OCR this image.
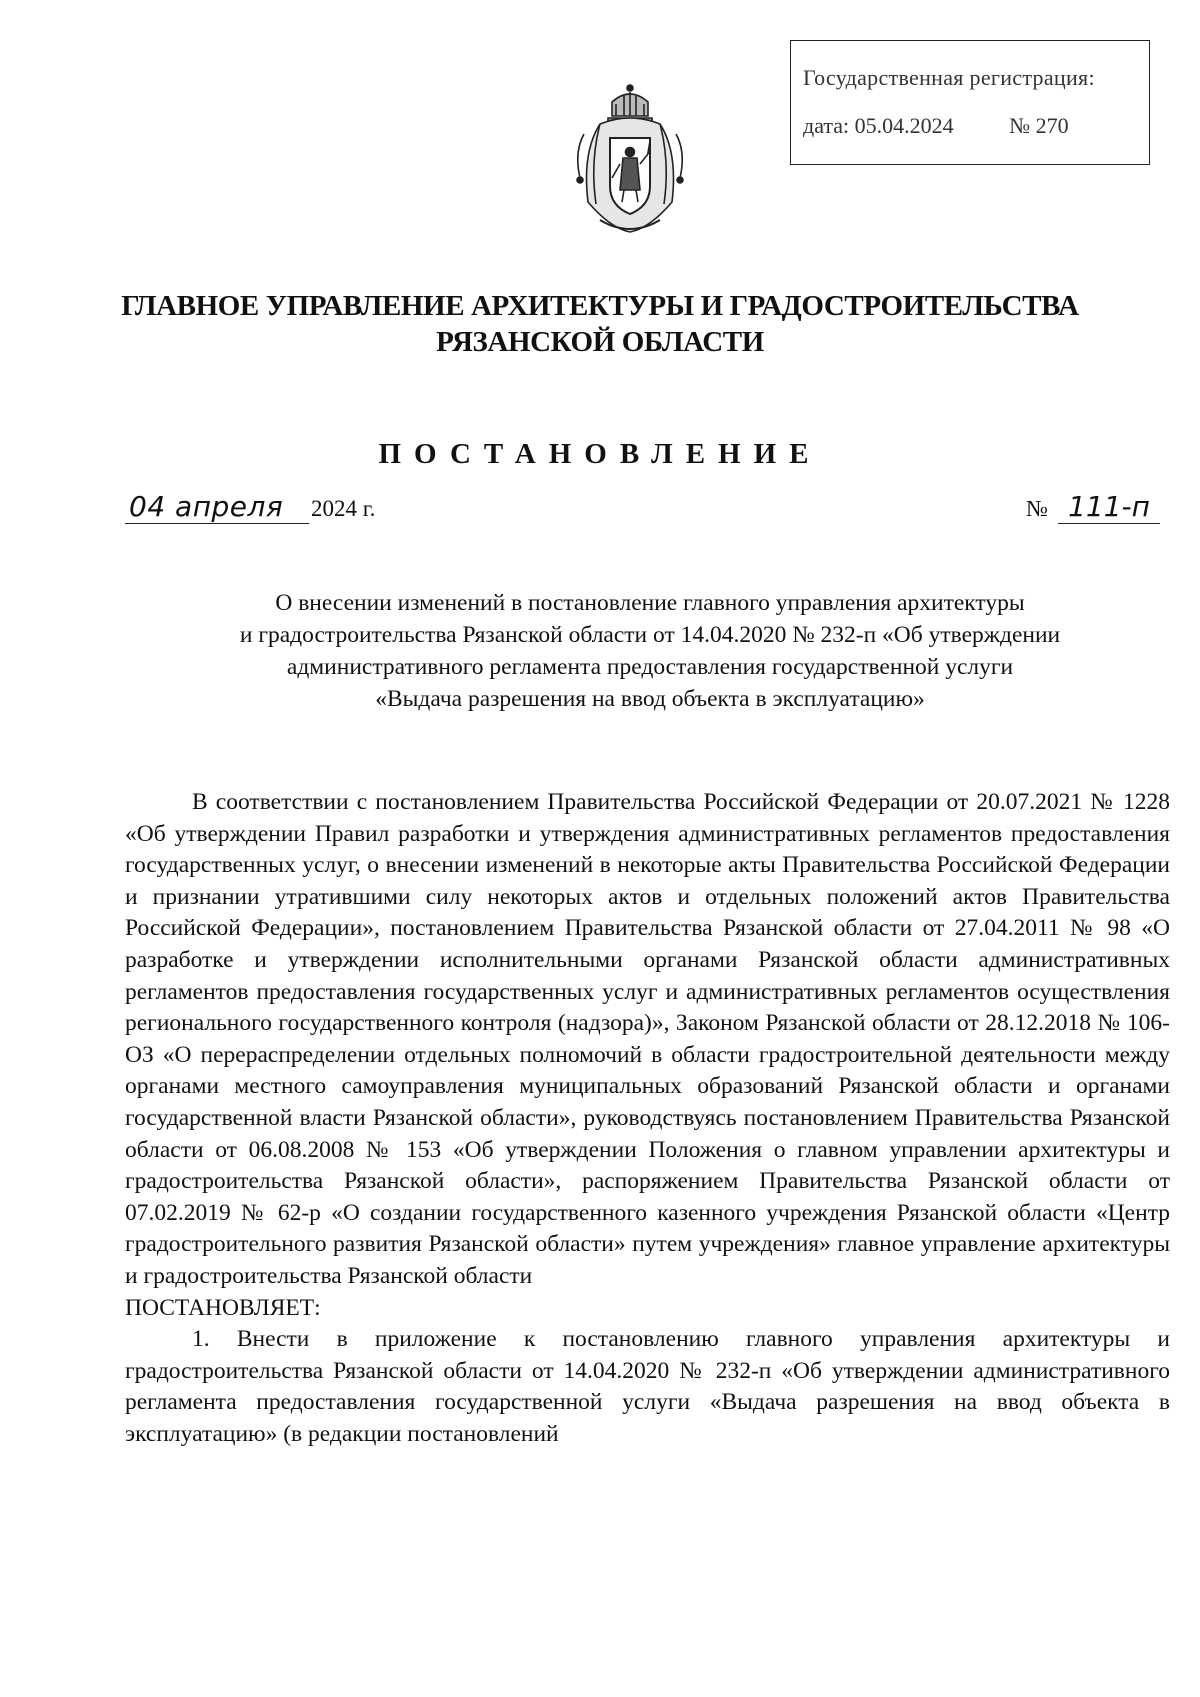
Государственная регистрация:
дата: 05.04.2024	№ 270
ГЛАВНОЕ УПРАВЛЕНИЕ АРХИТЕКТУРЫ И ГРАДОСТРОИТЕЛЬСТВА
РЯЗАНСКОЙ ОБЛАСТИ
ПОСТАНОВЛЕНИЕ
04 апреля 2024 г.	№ 111-п
О внесении изменений в постановление главного управления архитектуры
и градостроительства Рязанской области от 14.04.2020 № 232-п «Об утверждении
административного регламента предоставления государственной услуги
«Выдача разрешения на ввод объекта в эксплуатацию»

В соответствии с постановлением Правительства Российской Федерации от 20.07.2021 № 1228 «Об утверждении Правил разработки и утверждения административных регламентов предоставления государственных услуг, о внесении изменений в некоторые акты Правительства Российской Федерации и признании утратившими силу некоторых актов и отдельных положений актов Правительства Российской Федерации», постановлением Правительства Рязанской области от 27.04.2011 № 98 «О разработке и утверждении исполнительными органами Рязанской области административных регламентов предоставления государственных услуг и административных регламентов осуществления регионального государственного контроля (надзора)», Законом Рязанской области от 28.12.2018 № 106-ОЗ «О перераспределении отдельных полномочий в области градостроительной деятельности между органами местного самоуправления муниципальных образований Рязанской области и органами государственной власти Рязанской области», руководствуясь постановлением Правительства Рязанской области от 06.08.2008 № 153 «Об утверждении Положения о главном управлении архитектуры и градостроительства Рязанской области», распоряжением Правительства Рязанской области от 07.02.2019 № 62-р «О создании государственного казенного учреждения Рязанской области «Центр градостроительного развития Рязанской области» путем учреждения» главное управление архитектуры и градостроительства Рязанской области

ПОСТАНОВЛЯЕТ:

1. Внести в приложение к постановлению главного управления архитектуры и градостроительства Рязанской области от 14.04.2020 № 232-п «Об утверждении административного регламента предоставления государственной услуги «Выдача разрешения на ввод объекта в эксплуатацию» (в редакции постановлений
